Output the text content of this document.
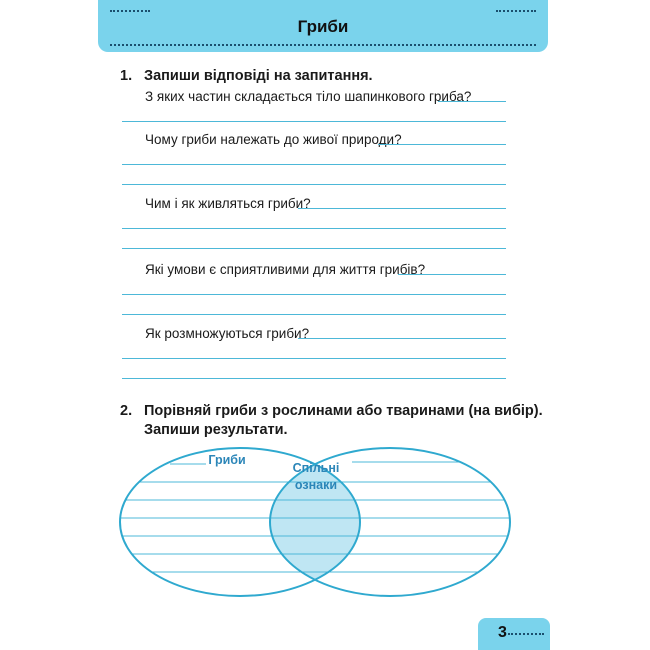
Гриби
1. Запиши відповіді на запитання.
З яких частин складається тіло шапинкового гриба?
Чому гриби належать до живої природи?
Чим і як живляться гриби?
Які умови є сприятливими для життя грибів?
Як розмножуються гриби?
2. Порівняй гриби з рослинами або тваринами (на вибір).
Запиши результати.
Гриби
Спільні
ознаки
3
